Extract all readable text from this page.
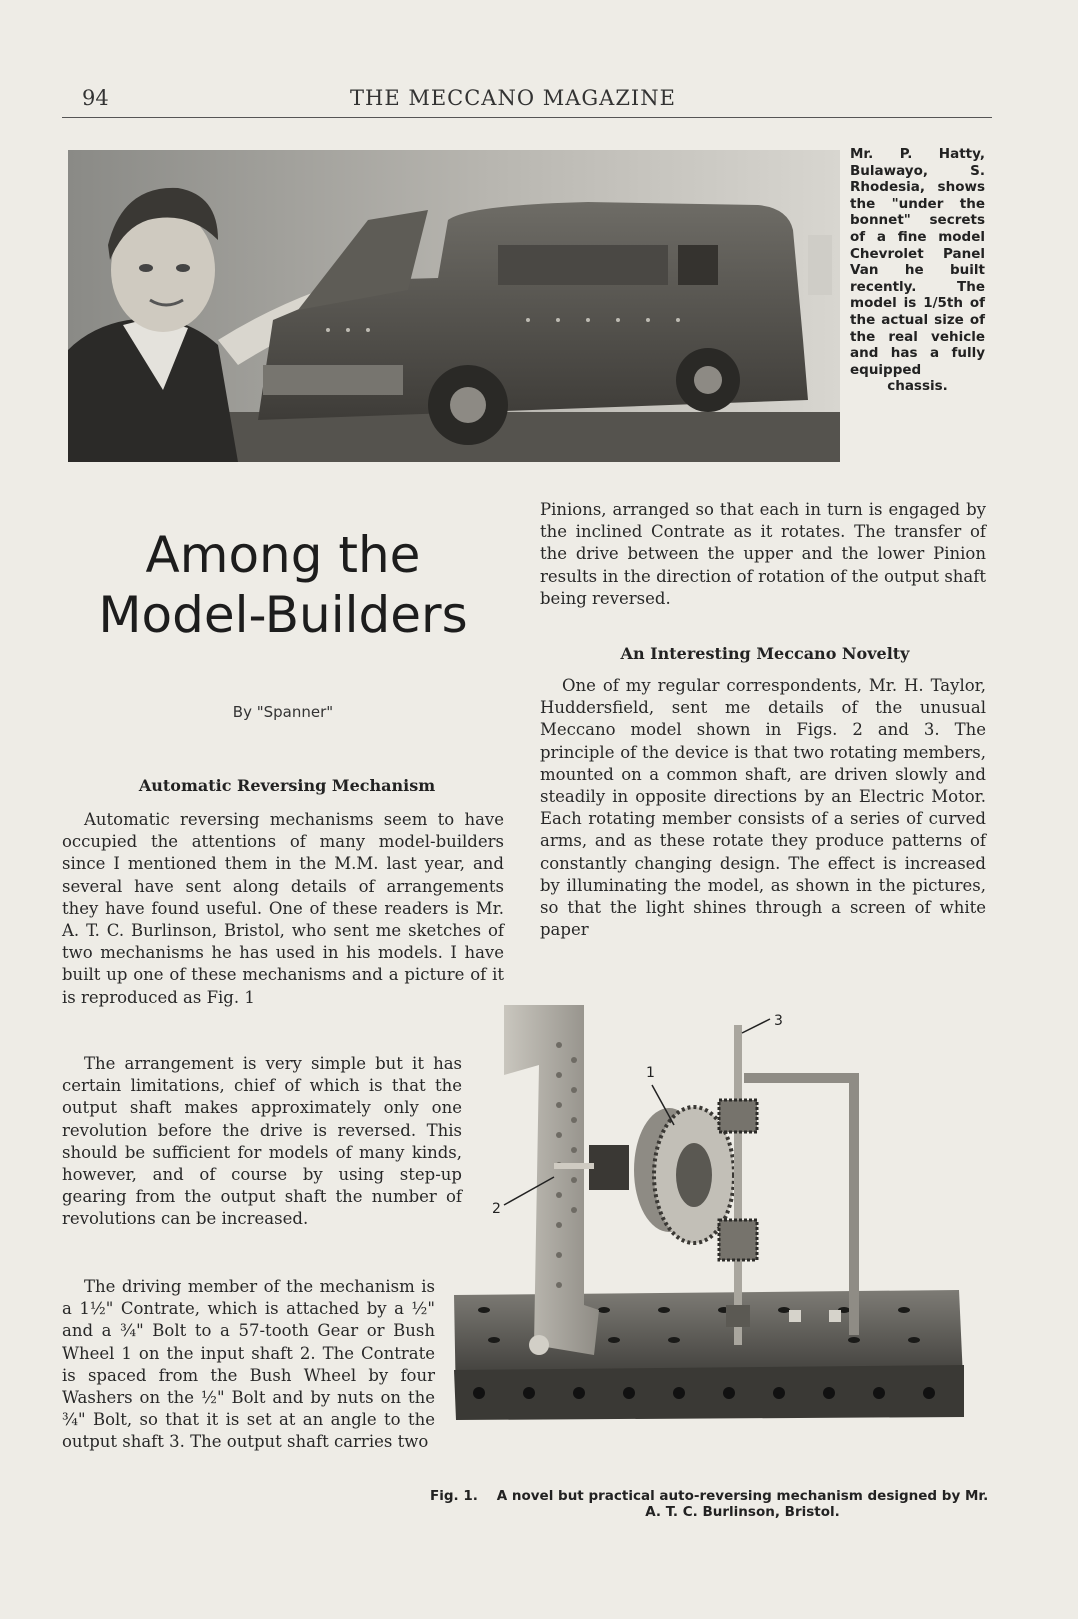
94	THE MECCANO MAGAZINE
Mr. P. Hatty, Bulawayo, S. Rhodesia, shows the "under the bonnet" secrets of a fine model Chevrolet Panel Van he built recently. The model is 1/5th of the actual size of the real vehicle and has a fully equipped chassis.
Among the
Model-Builders
By "Spanner"
Automatic Reversing Mechanism

Automatic reversing mechanisms seem to have occupied the attentions of many model-builders since I mentioned them in the M.M. last year, and several have sent along details of arrangements they have found useful. One of these readers is Mr. A. T. C. Burlinson, Bristol, who sent me sketches of two mechanisms he has used in his models. I have built up one of these mechanisms and a picture of it is reproduced as Fig. 1

The arrangement is very simple but it has certain limitations, chief of which is that the output shaft makes approximately only one revolution before the drive is reversed. This should be sufficient for models of many kinds, however, and of course by using step-up gearing from the output shaft the number of revolutions can be increased.

The driving member of the mechanism is a 1½" Contrate, which is attached by a ½" and a ¾" Bolt to a 57-tooth Gear or Bush Wheel 1 on the input shaft 2. The Contrate is spaced from the Bush Wheel by four Washers on the ½" Bolt and by nuts on the ¾" Bolt, so that it is set at an angle to the output shaft 3. The output shaft carries two

Pinions, arranged so that each in turn is engaged by the inclined Contrate as it rotates. The transfer of the drive between the upper and the lower Pinion results in the direction of rotation of the output shaft being reversed.

An Interesting Meccano Novelty

One of my regular correspondents, Mr. H. Taylor, Huddersfield, sent me details of the unusual Meccano model shown in Figs. 2 and 3. The principle of the device is that two rotating members, mounted on a common shaft, are driven slowly and steadily in opposite directions by an Electric Motor. Each rotating member consists of a series of curved arms, and as these rotate they produce patterns of constantly changing design. The effect is increased by illuminating the model, as shown in the pictures, so that the light shines through a screen of white paper

1
2
3
Fig. 1.	A novel but practical auto-reversing mechanism designed by Mr. A. T. C. Burlinson, Bristol.
